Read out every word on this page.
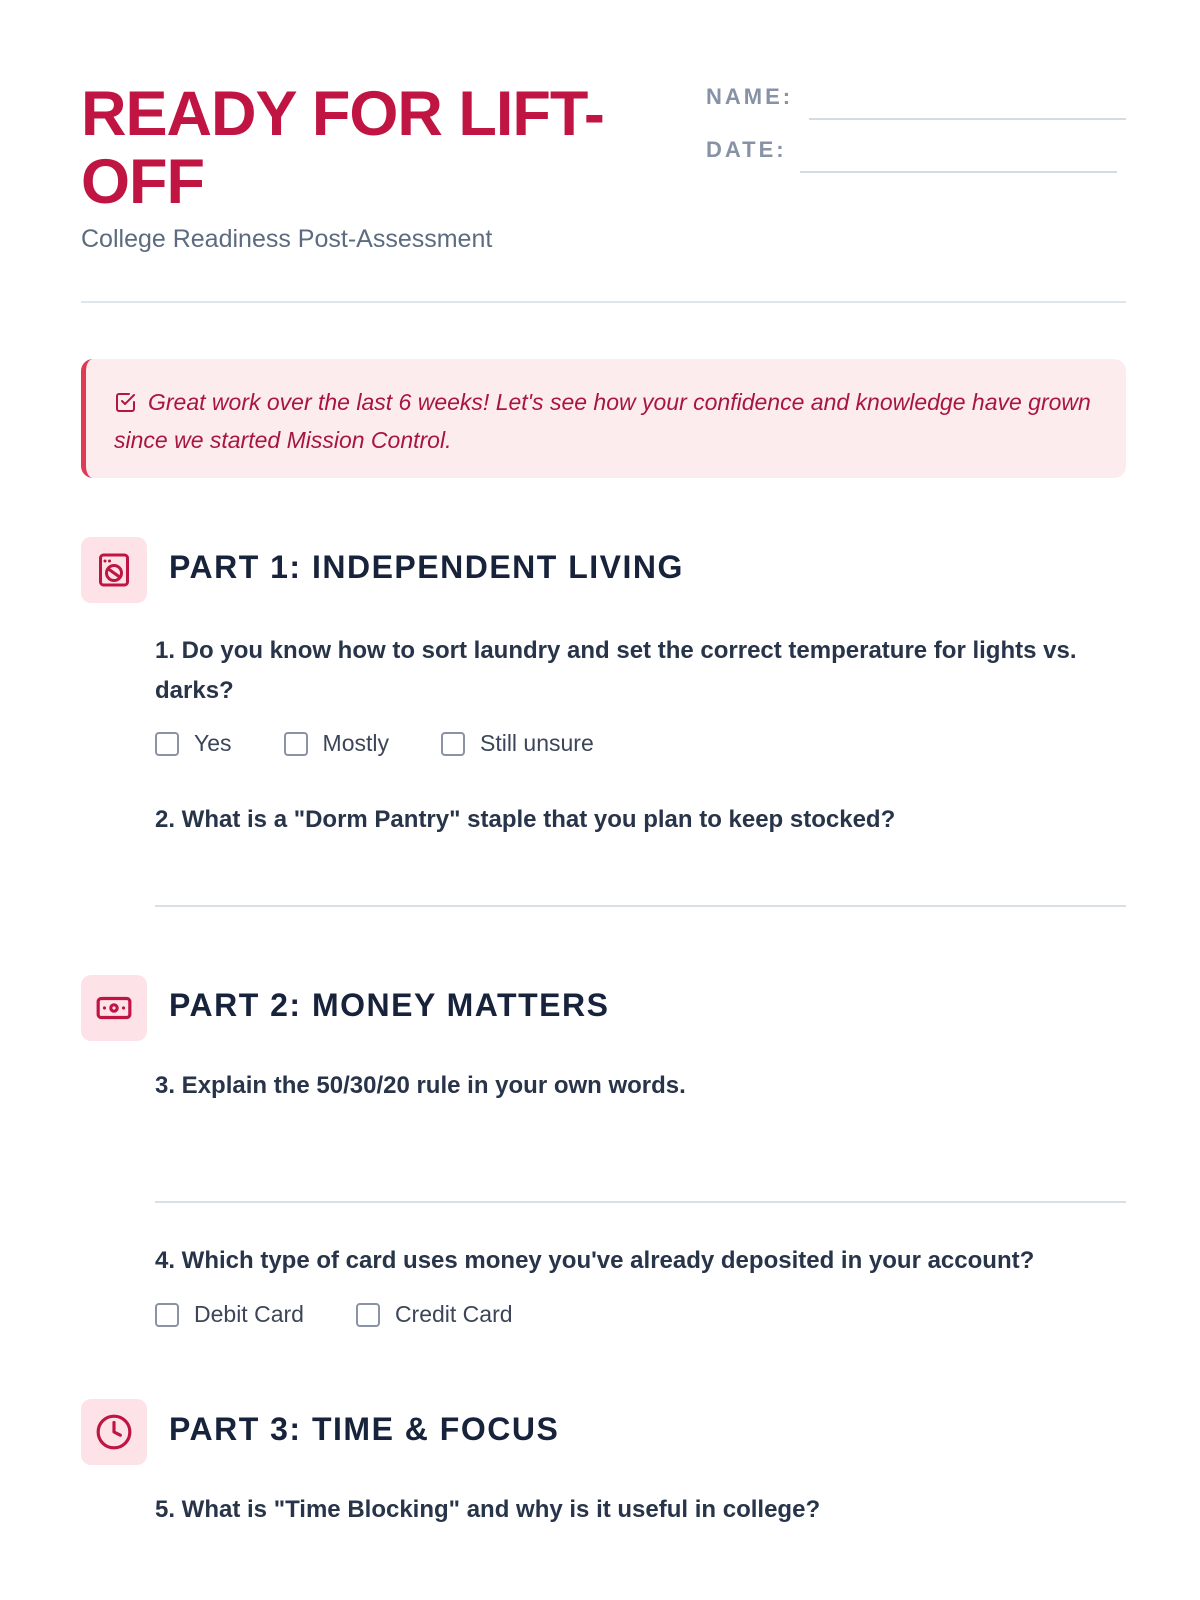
READY FOR LIFT-OFF
College Readiness Post-Assessment
NAME:
DATE:
Great work over the last 6 weeks! Let's see how your confidence and knowledge have grown since we started Mission Control.
PART 1: INDEPENDENT LIVING
1. Do you know how to sort laundry and set the correct temperature for lights vs. darks?
Yes	Mostly	Still unsure
2. What is a "Dorm Pantry" staple that you plan to keep stocked?
PART 2: MONEY MATTERS
3. Explain the 50/30/20 rule in your own words.
4. Which type of card uses money you've already deposited in your account?
Debit Card	Credit Card
PART 3: TIME & FOCUS
5. What is "Time Blocking" and why is it useful in college?
